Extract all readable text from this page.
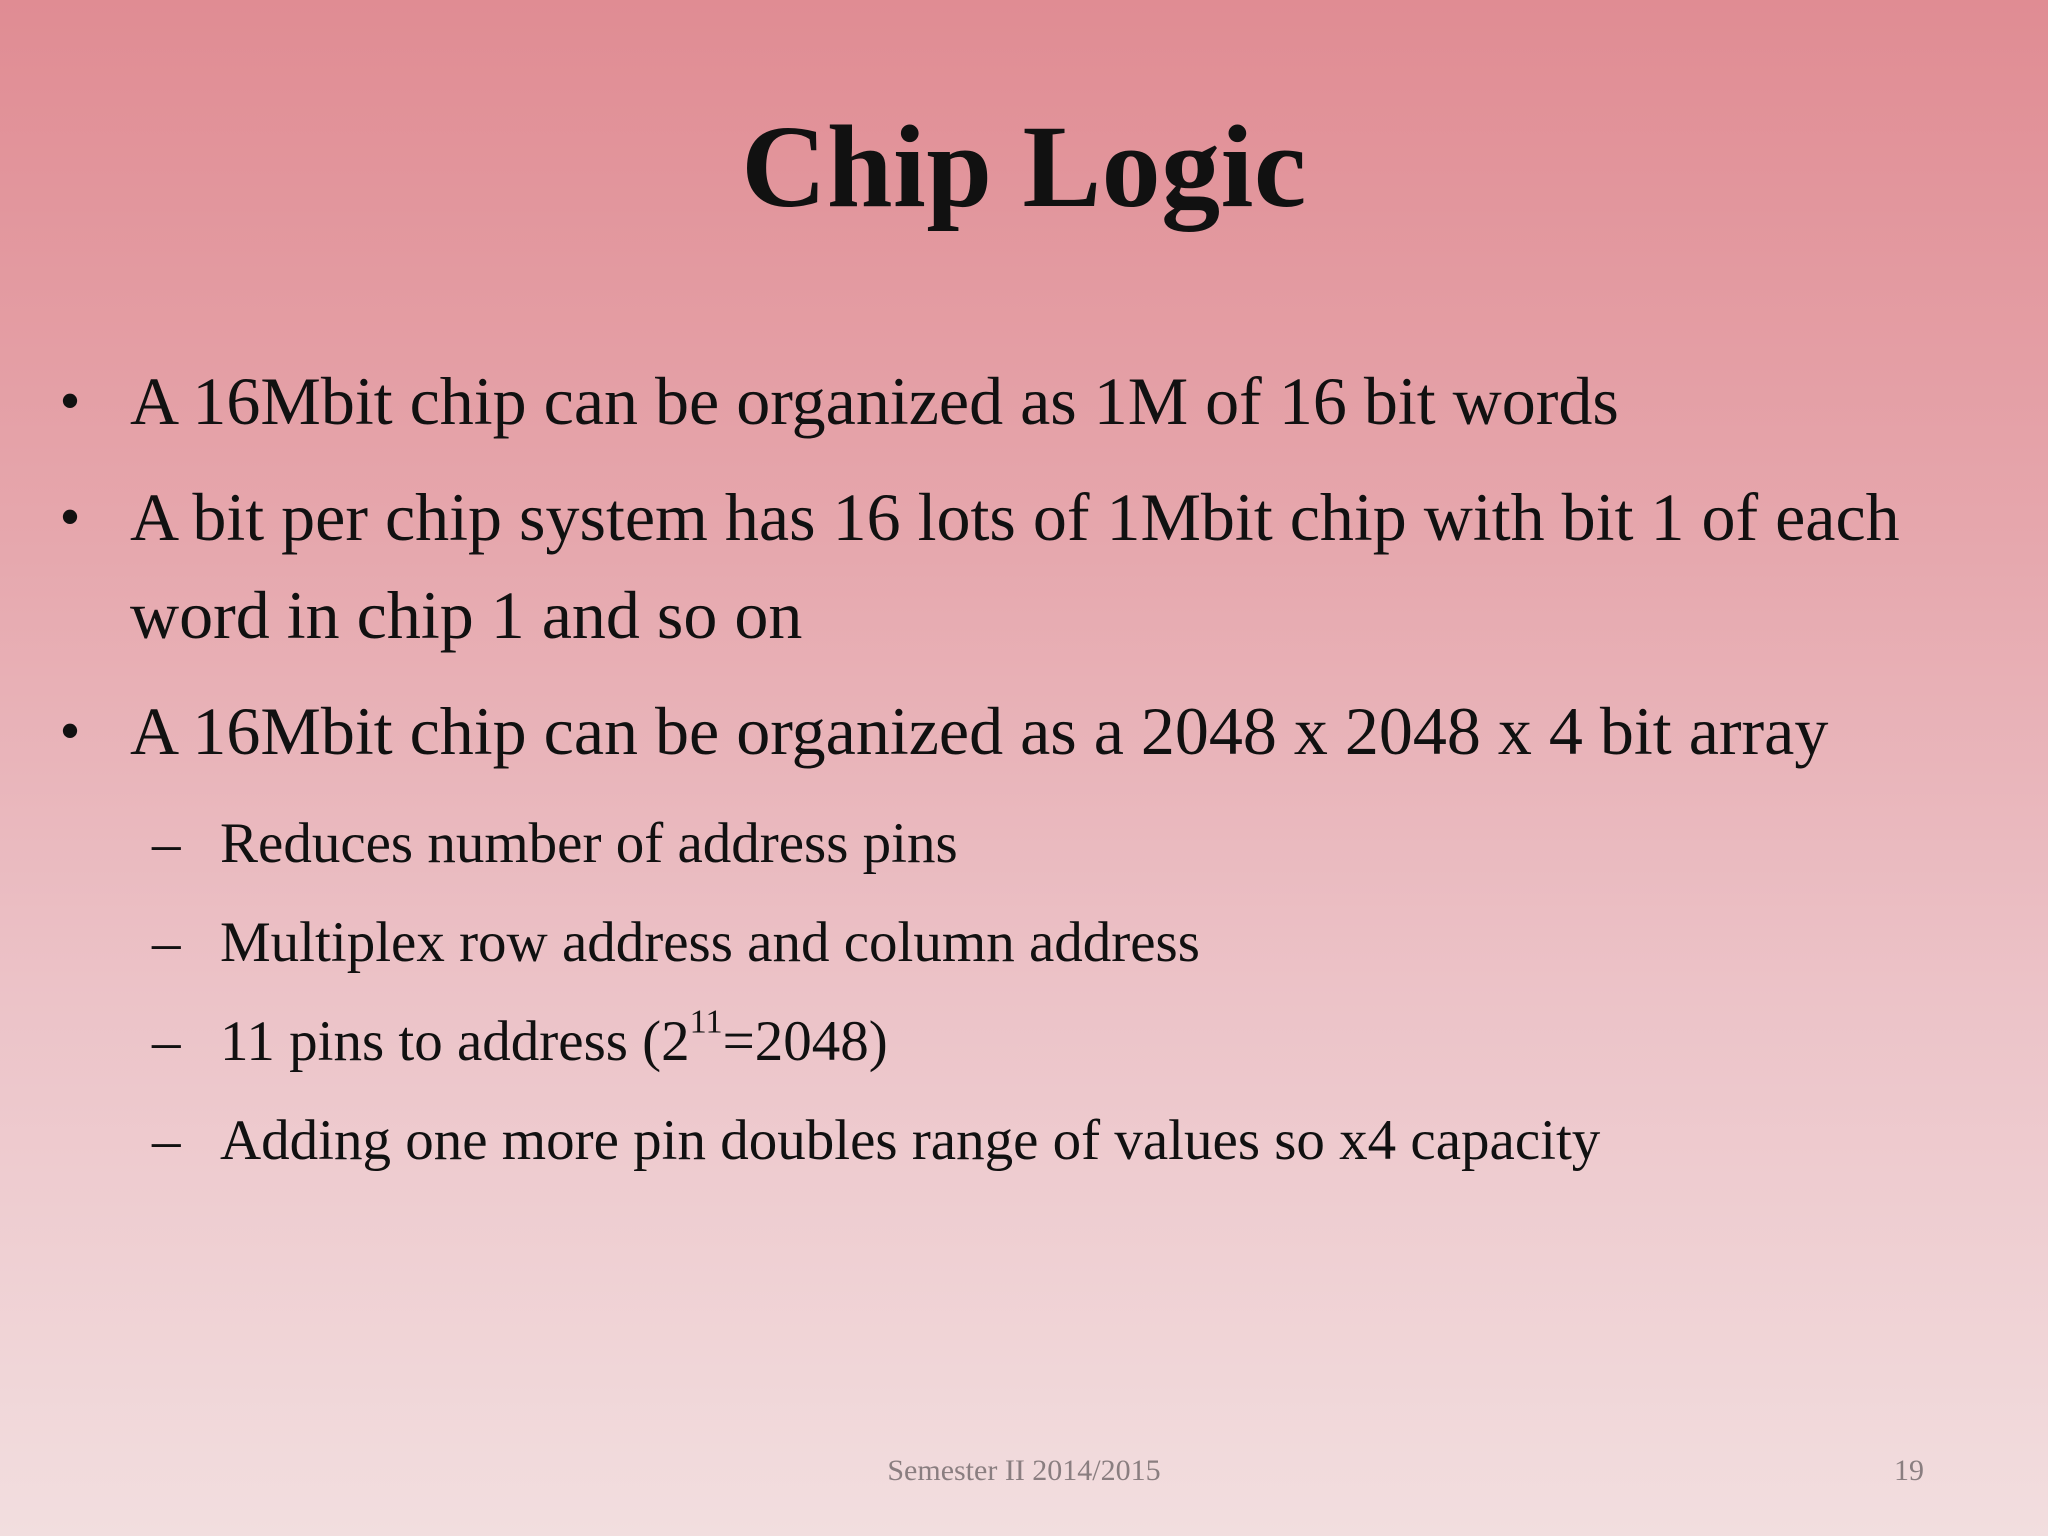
Chip Logic
• A 16Mbit chip can be organized as 1M of 16 bit words
• A bit per chip system has 16 lots of 1Mbit chip with bit 1 of each word in chip 1 and so on
• A 16Mbit chip can be organized as a 2048 x 2048 x 4 bit array
– Reduces number of address pins
– Multiplex row address and column address
– 11 pins to address $(2^{11}=2048)$
– Adding one more pin doubles range of values so x4 capacity
Semester II 2014/2015	19
